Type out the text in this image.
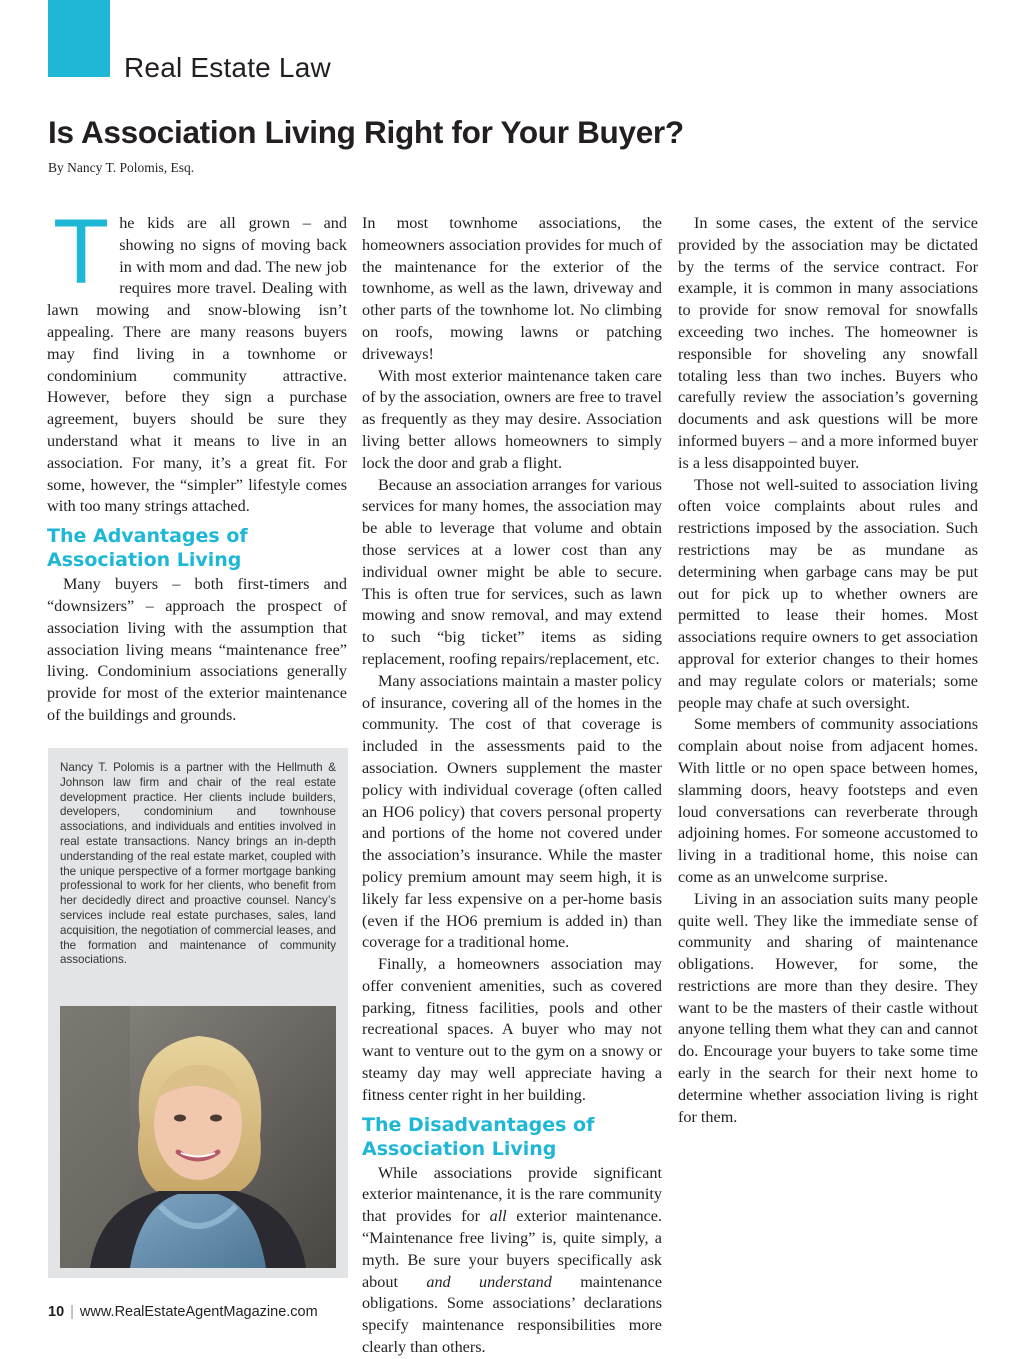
Real Estate Law
Is Association Living Right for Your Buyer?
By Nancy T. Polomis, Esq.

The kids are all grown – and showing no signs of moving back in with mom and dad. The new job requires more travel. Dealing with lawn mowing and snow-blowing isn’t appealing. There are many reasons buyers may find living in a townhome or condominium community attractive. However, before they sign a purchase agreement, buyers should be sure they understand what it means to live in an association. For many, it’s a great fit. For some, however, the “simpler” lifestyle comes with too many strings attached.

The Advantages of Association Living

Many buyers – both first-timers and “downsizers” – approach the prospect of association living with the assumption that association living means “maintenance free” living. Condominium associations generally provide for most of the exterior maintenance of the buildings and grounds.

Nancy T. Polomis is a partner with the Hellmuth & Johnson law firm and chair of the real estate development practice. Her clients include builders, developers, condominium and townhouse associations, and individuals and entities involved in real estate transactions. Nancy brings an in-depth understanding of the real estate market, coupled with the unique perspective of a former mortgage banking professional to work for her clients, who benefit from her decidedly direct and proactive counsel. Nancy’s services include real estate purchases, sales, land acquisition, the negotiation of commercial leases, and the formation and maintenance of community associations.

In most townhome associations, the homeowners association provides for much of the maintenance for the exterior of the townhome, as well as the lawn, driveway and other parts of the townhome lot. No climbing on roofs, mowing lawns or patching driveways!

With most exterior maintenance taken care of by the association, owners are free to travel as frequently as they may desire. Association living better allows homeowners to simply lock the door and grab a flight.

Because an association arranges for various services for many homes, the association may be able to leverage that volume and obtain those services at a lower cost than any individual owner might be able to secure. This is often true for services, such as lawn mowing and snow removal, and may extend to such “big ticket” items as siding replacement, roofing repairs/replacement, etc.

Many associations maintain a master policy of insurance, covering all of the homes in the community. The cost of that coverage is included in the assessments paid to the association. Owners supplement the master policy with individual coverage (often called an HO6 policy) that covers personal property and portions of the home not covered under the association’s insurance. While the master policy premium amount may seem high, it is likely far less expensive on a per-home basis (even if the HO6 premium is added in) than coverage for a traditional home.

Finally, a homeowners association may offer convenient amenities, such as covered parking, fitness facilities, pools and other recreational spaces. A buyer who may not want to venture out to the gym on a snowy or steamy day may well appreciate having a fitness center right in her building.

The Disadvantages of Association Living

While associations provide significant exterior maintenance, it is the rare community that provides for all exterior maintenance. “Maintenance free living” is, quite simply, a myth. Be sure your buyers specifically ask about and understand maintenance obligations. Some associations’ declarations specify maintenance responsibilities more clearly than others.

In some cases, the extent of the service provided by the association may be dictated by the terms of the service contract. For example, it is common in many associations to provide for snow removal for snowfalls exceeding two inches. The homeowner is responsible for shoveling any snowfall totaling less than two inches. Buyers who carefully review the association’s governing documents and ask questions will be more informed buyers – and a more informed buyer is a less disappointed buyer.

Those not well-suited to association living often voice complaints about rules and restrictions imposed by the association. Such restrictions may be as mundane as determining when garbage cans may be put out for pick up to whether owners are permitted to lease their homes. Most associations require owners to get association approval for exterior changes to their homes and may regulate colors or materials; some people may chafe at such oversight.

Some members of community associations complain about noise from adjacent homes. With little or no open space between homes, slamming doors, heavy footsteps and even loud conversations can reverberate through adjoining homes. For someone accustomed to living in a traditional home, this noise can come as an unwelcome surprise.

Living in an association suits many people quite well. They like the immediate sense of community and sharing of maintenance obligations. However, for some, the restrictions are more than they desire. They want to be the masters of their castle without anyone telling them what they can and cannot do. Encourage your buyers to take some time early in the search for their next home to determine whether association living is right for them.

10 | www.RealEstateAgentMagazine.com
